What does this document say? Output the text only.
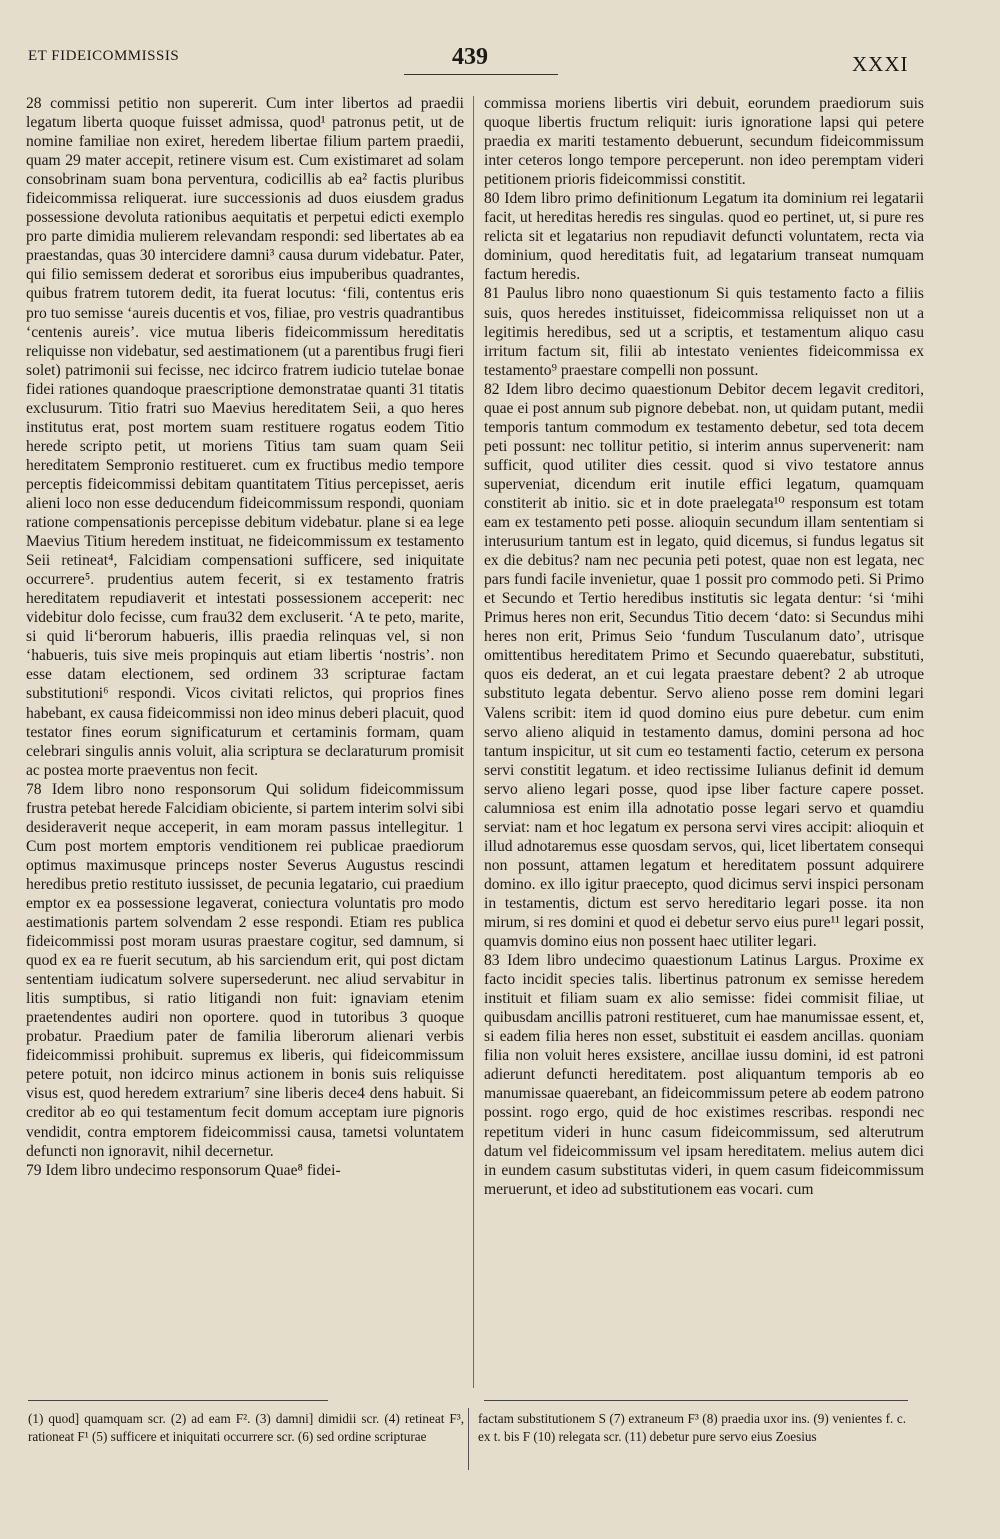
ET FIDEICOMMISSIS	439	XXXI

28 commissi petitio non supererit. Cum inter libertos ad praedii legatum liberta quoque fuisset admissa, quod¹ patronus petit, ut de nomine familiae non exiret, heredem libertae filium partem praedii, quam 29 mater accepit, retinere visum est. Cum existimaret ad solam consobrinam suam bona perventura, codicillis ab ea² factis pluribus fideicommissa reliquerat. iure successionis ad duos eiusdem gradus possessione devoluta rationibus aequitatis et perpetui edicti exemplo pro parte dimidia mulierem relevandam respondi: sed libertates ab ea praestandas, quas 30 intercidere damni³ causa durum videbatur. Pater, qui filio semissem dederat et sororibus eius impuberibus quadrantes, quibus fratrem tutorem dedit, ita fuerat locutus: ‘fili, contentus eris pro tuo semisse ‘aureis ducentis et vos, filiae, pro vestris quadrantibus ‘centenis aureis’. vice mutua liberis fideicommissum hereditatis reliquisse non videbatur, sed aestimationem (ut a parentibus frugi fieri solet) patrimonii sui fecisse, nec idcirco fratrem iudicio tutelae bonae fidei rationes quandoque praescriptione demonstratae quanti 31 titatis exclusurum. Titio fratri suo Maevius hereditatem Seii, a quo heres institutus erat, post mortem suam restituere rogatus eodem Titio herede scripto petit, ut moriens Titius tam suam quam Seii hereditatem Sempronio restitueret. cum ex fructibus medio tempore perceptis fideicommissi debitam quantitatem Titius percepisset, aeris alieni loco non esse deducendum fideicommissum respondi, quoniam ratione compensationis percepisse debitum videbatur. plane si ea lege Maevius Titium heredem instituat, ne fideicommissum ex testamento Seii retineat⁴, Falcidiam compensationi sufficere, sed iniquitate occurrere⁵. prudentius autem fecerit, si ex testamento fratris hereditatem repudiaverit et intestati possessionem acceperit: nec videbitur dolo fecisse, cum frau32 dem excluserit. ‘A te peto, marite, si quid li‘berorum habueris, illis praedia relinquas vel, si non ‘habueris, tuis sive meis propinquis aut etiam libertis ‘nostris’. non esse datam electionem, sed ordinem 33 scripturae factam substitutioni⁶ respondi. Vicos civitati relictos, qui proprios fines habebant, ex causa fideicommissi non ideo minus deberi placuit, quod testator fines eorum significaturum et certaminis formam, quam celebrari singulis annis voluit, alia scriptura se declaraturum promisit ac postea morte praeventus non fecit.

78 Idem libro nono responsorum Qui solidum fideicommissum frustra petebat herede Falcidiam obiciente, si partem interim solvi sibi desideraverit neque acceperit, in eam moram passus intellegitur. 1 Cum post mortem emptoris venditionem rei publicae praediorum optimus maximusque princeps noster Severus Augustus rescindi heredibus pretio restituto iussisset, de pecunia legatario, cui praedium emptor ex ea possessione legaverat, coniectura voluntatis pro modo aestimationis partem solvendam 2 esse respondi. Etiam res publica fideicommissi post moram usuras praestare cogitur, sed damnum, si quod ex ea re fuerit secutum, ab his sarciendum erit, qui post dictam sententiam iudicatum solvere supersederunt. nec aliud servabitur in litis sumptibus, si ratio litigandi non fuit: ignaviam etenim praetendentes audiri non oportere. quod in tutoribus 3 quoque probatur. Praedium pater de familia liberorum alienari verbis fideicommissi prohibuit. supremus ex liberis, qui fideicommissum petere potuit, non idcirco minus actionem in bonis suis reliquisse visus est, quod heredem extrarium⁷ sine liberis dece4 dens habuit. Si creditor ab eo qui testamentum fecit domum acceptam iure pignoris vendidit, contra emptorem fideicommissi causa, tametsi voluntatem defuncti non ignoravit, nihil decernetur.

79 Idem libro undecimo responsorum Quae⁸ fidei-

commissa moriens libertis viri debuit, eorundem praediorum suis quoque libertis fructum reliquit: iuris ignoratione lapsi qui petere praedia ex mariti testamento debuerunt, secundum fideicommissum inter ceteros longo tempore perceperunt. non ideo peremptam videri petitionem prioris fideicommissi constitit.

80 Idem libro primo definitionum Legatum ita dominium rei legatarii facit, ut hereditas heredis res singulas. quod eo pertinet, ut, si pure res relicta sit et legatarius non repudiavit defuncti voluntatem, recta via dominium, quod hereditatis fuit, ad legatarium transeat numquam factum heredis.

81 Paulus libro nono quaestionum Si quis testamento facto a filiis suis, quos heredes instituisset, fideicommissa reliquisset non ut a legitimis heredibus, sed ut a scriptis, et testamentum aliquo casu irritum factum sit, filii ab intestato venientes fideicommissa ex testamento⁹ praestare compelli non possunt.

82 Idem libro decimo quaestionum Debitor decem legavit creditori, quae ei post annum sub pignore debebat. non, ut quidam putant, medii temporis tantum commodum ex testamento debetur, sed tota decem peti possunt: nec tollitur petitio, si interim annus supervenerit: nam sufficit, quod utiliter dies cessit. quod si vivo testatore annus superveniat, dicendum erit inutile effici legatum, quamquam constiterit ab initio. sic et in dote praelegata¹⁰ responsum est totam eam ex testamento peti posse. alioquin secundum illam sententiam si interusurium tantum est in legato, quid dicemus, si fundus legatus sit ex die debitus? nam nec pecunia peti potest, quae non est legata, nec pars fundi facile invenietur, quae 1 possit pro commodo peti. Si Primo et Secundo et Tertio heredibus institutis sic legata dentur: ‘si ‘mihi Primus heres non erit, Secundus Titio decem ‘dato: si Secundus mihi heres non erit, Primus Seio ‘fundum Tusculanum dato’, utrisque omittentibus hereditatem Primo et Secundo quaerebatur, substituti, quos eis dederat, an et cui legata praestare debent? 2 ab utroque substituto legata debentur. Servo alieno posse rem domini legari Valens scribit: item id quod domino eius pure debetur. cum enim servo alieno aliquid in testamento damus, domini persona ad hoc tantum inspicitur, ut sit cum eo testamenti factio, ceterum ex persona servi constitit legatum. et ideo rectissime Iulianus definit id demum servo alieno legari posse, quod ipse liber facture capere posset. calumniosa est enim illa adnotatio posse legari servo et quamdiu serviat: nam et hoc legatum ex persona servi vires accipit: alioquin et illud adnotaremus esse quosdam servos, qui, licet libertatem consequi non possunt, attamen legatum et hereditatem possunt adquirere domino. ex illo igitur praecepto, quod dicimus servi inspici personam in testamentis, dictum est servo hereditario legari posse. ita non mirum, si res domini et quod ei debetur servo eius pure¹¹ legari possit, quamvis domino eius non possent haec utiliter legari.

83 Idem libro undecimo quaestionum Latinus Largus. Proxime ex facto incidit species talis. libertinus patronum ex semisse heredem instituit et filiam suam ex alio semisse: fidei commisit filiae, ut quibusdam ancillis patroni restitueret, cum hae manumissae essent, et, si eadem filia heres non esset, substituit ei easdem ancillas. quoniam filia non voluit heres exsistere, ancillae iussu domini, id est patroni adierunt defuncti hereditatem. post aliquantum temporis ab eo manumissae quaerebant, an fideicommissum petere ab eodem patrono possint. rogo ergo, quid de hoc existimes rescribas. respondi nec repetitum videri in hunc casum fideicommissum, sed alterutrum datum vel fideicommissum vel ipsam hereditatem. melius autem dici in eundem casum substitutas videri, in quem casum fideicommissum meruerunt, et ideo ad substitutionem eas vocari. cum

(1) quod] quamquam scr. (2) ad eam F². (3) damni] dimidii scr. (4) retineat F³, rationeat F¹ (5) sufficere et iniquitati occurrere scr. (6) sed ordine scripturae

factam substitutionem S (7) extraneum F³ (8) praedia uxor ins. (9) venientes f. c. ex t. bis F (10) relegata scr. (11) debetur pure servo eius Zoesius
